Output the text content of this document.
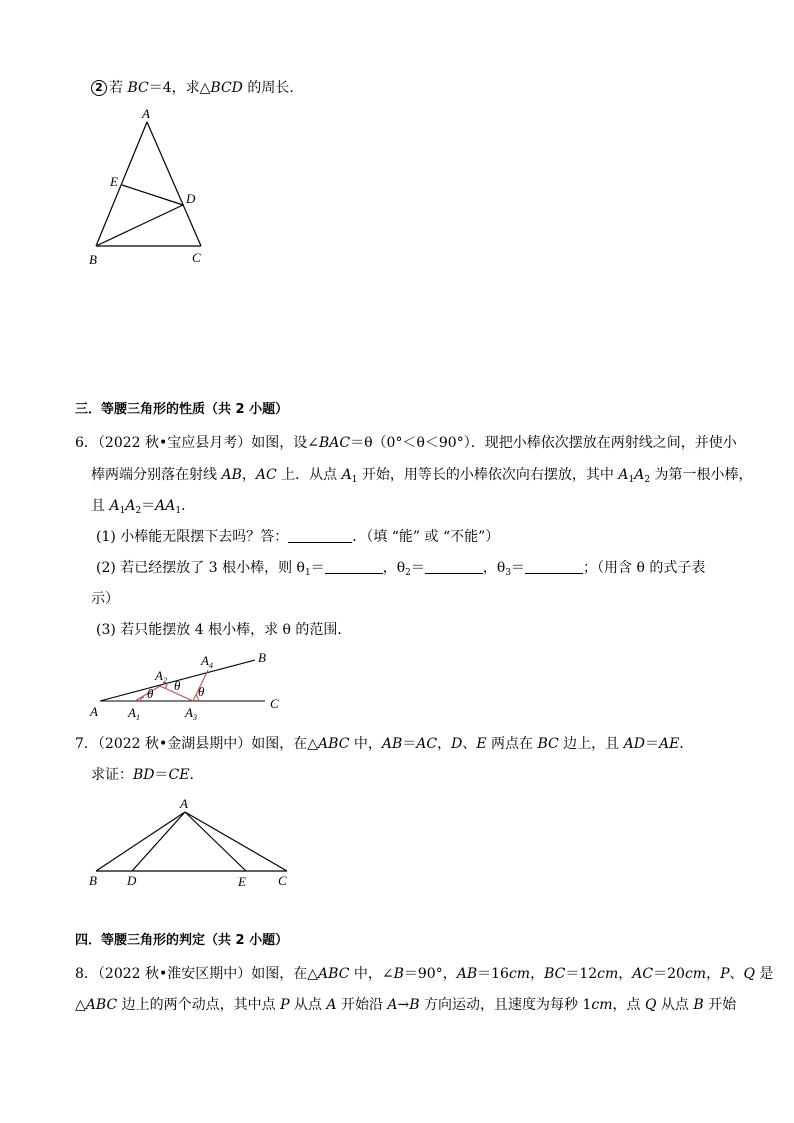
2 若 BC＝4，求△BCD 的周长．
A
B	C
D
E
A
B
C
$A_1$
$A_2$
$A_3$
$A_4$
θ
θ θ
A
B D	E C
三．等腰三角形的性质（共 2 小题）
6．（2022 秋•宝应县月考）如图，设∠BAC＝θ（0°＜θ＜90°）．现把小棒依次摆放在两射线之间，并使小
棒两端分别落在射线 AB，AC 上．从点 $A_1$ 开始，用等长的小棒依次向右摆放，其中 $A_1A_2$ 为第一根小棒，
且 $A_1A_2=AA_1$．
(1) 小棒能无限摆下去吗？答：	．（填 “能” 或 “不能”）
(2) 若已经摆放了 3 根小棒，则 $\theta_1=$	，$\theta_2=$	，$\theta_3=$	；（用含 θ 的式子表
示）
(3) 若只能摆放 4 根小棒，求 θ 的范围．
7．（2022 秋•金湖县期中）如图，在△ABC 中，AB＝AC，D、E 两点在 BC 边上，且 AD＝AE．
求证：BD＝CE．
四．等腰三角形的判定（共 2 小题）
8．（2022 秋•淮安区期中）如图，在△ABC 中，∠B＝90°，AB＝16cm，BC＝12cm，AC＝20cm，P、Q 是
△ABC 边上的两个动点，其中点 P 从点 A 开始沿 A→B 方向运动，且速度为每秒 1cm，点 Q 从点 B 开始
